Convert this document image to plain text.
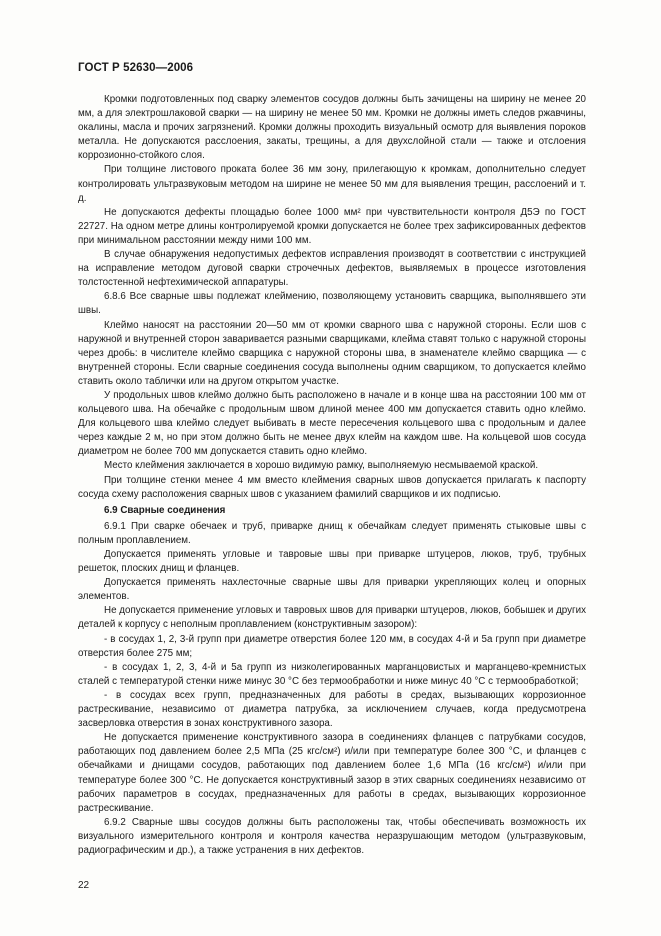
ГОСТ Р 52630—2006

Кромки подготовленных под сварку элементов сосудов должны быть зачищены на ширину не менее 20 мм, а для электрошлаковой сварки — на ширину не менее 50 мм. Кромки не должны иметь следов ржавчины, окалины, масла и прочих загрязнений. Кромки должны проходить визуальный осмотр для выявления пороков металла. Не допускаются расслоения, закаты, трещины, а для двухслойной стали — также и отслоения коррозионно-стойкого слоя.

При толщине листового проката более 36 мм зону, прилегающую к кромкам, дополнительно следует контролировать ультразвуковым методом на ширине не менее 50 мм для выявления трещин, расслоений и т. д.

Не допускаются дефекты площадью более 1000 мм² при чувствительности контроля Д5Э по ГОСТ 22727. На одном метре длины контролируемой кромки допускается не более трех зафиксированных дефектов при минимальном расстоянии между ними 100 мм.

В случае обнаружения недопустимых дефектов исправления производят в соответствии с инструкцией на исправление методом дуговой сварки строчечных дефектов, выявляемых в процессе изготовления толстостенной нефтехимической аппаратуры.

6.8.6 Все сварные швы подлежат клеймению, позволяющему установить сварщика, выполнявшего эти швы.

Клеймо наносят на расстоянии 20—50 мм от кромки сварного шва с наружной стороны. Если шов с наружной и внутренней сторон заваривается разными сварщиками, клейма ставят только с наружной стороны через дробь: в числителе клеймо сварщика с наружной стороны шва, в знаменателе клеймо сварщика — с внутренней стороны. Если сварные соединения сосуда выполнены одним сварщиком, то допускается клеймо ставить около таблички или на другом открытом участке.

У продольных швов клеймо должно быть расположено в начале и в конце шва на расстоянии 100 мм от кольцевого шва. На обечайке с продольным швом длиной менее 400 мм допускается ставить одно клеймо. Для кольцевого шва клеймо следует выбивать в месте пересечения кольцевого шва с продольным и далее через каждые 2 м, но при этом должно быть не менее двух клейм на каждом шве. На кольцевой шов сосуда диаметром не более 700 мм допускается ставить одно клеймо.

Место клеймения заключается в хорошо видимую рамку, выполняемую несмываемой краской.

При толщине стенки менее 4 мм вместо клеймения сварных швов допускается прилагать к паспорту сосуда схему расположения сварных швов с указанием фамилий сварщиков и их подписью.

6.9 Сварные соединения

6.9.1 При сварке обечаек и труб, приварке днищ к обечайкам следует применять стыковые швы с полным проплавлением.

Допускается применять угловые и тавровые швы при приварке штуцеров, люков, труб, трубных решеток, плоских днищ и фланцев.

Допускается применять нахлесточные сварные швы для приварки укрепляющих колец и опорных элементов.

Не допускается применение угловых и тавровых швов для приварки штуцеров, люков, бобышек и других деталей к корпусу с неполным проплавлением (конструктивным зазором):

- в сосудах 1, 2, 3-й групп при диаметре отверстия более 120 мм, в сосудах 4-й и 5а групп при диаметре отверстия более 275 мм;

- в сосудах 1, 2, 3, 4-й и 5а групп из низколегированных марганцовистых и марганцево-кремнистых сталей с температурой стенки ниже минус 30 °С без термообработки и ниже минус 40 °С с термообработкой;

- в сосудах всех групп, предназначенных для работы в средах, вызывающих коррозионное растрескивание, независимо от диаметра патрубка, за исключением случаев, когда предусмотрена засверловка отверстия в зонах конструктивного зазора.

Не допускается применение конструктивного зазора в соединениях фланцев с патрубками сосудов, работающих под давлением более 2,5 МПа (25 кгс/см²) и/или при температуре более 300 °С, и фланцев с обечайками и днищами сосудов, работающих под давлением более 1,6 МПа (16 кгс/см²) и/или при температуре более 300 °С. Не допускается конструктивный зазор в этих сварных соединениях независимо от рабочих параметров в сосудах, предназначенных для работы в средах, вызывающих коррозионное растрескивание.

6.9.2 Сварные швы сосудов должны быть расположены так, чтобы обеспечивать возможность их визуального измерительного контроля и контроля качества неразрушающим методом (ультразвуковым, радиографическим и др.), а также устранения в них дефектов.

22
